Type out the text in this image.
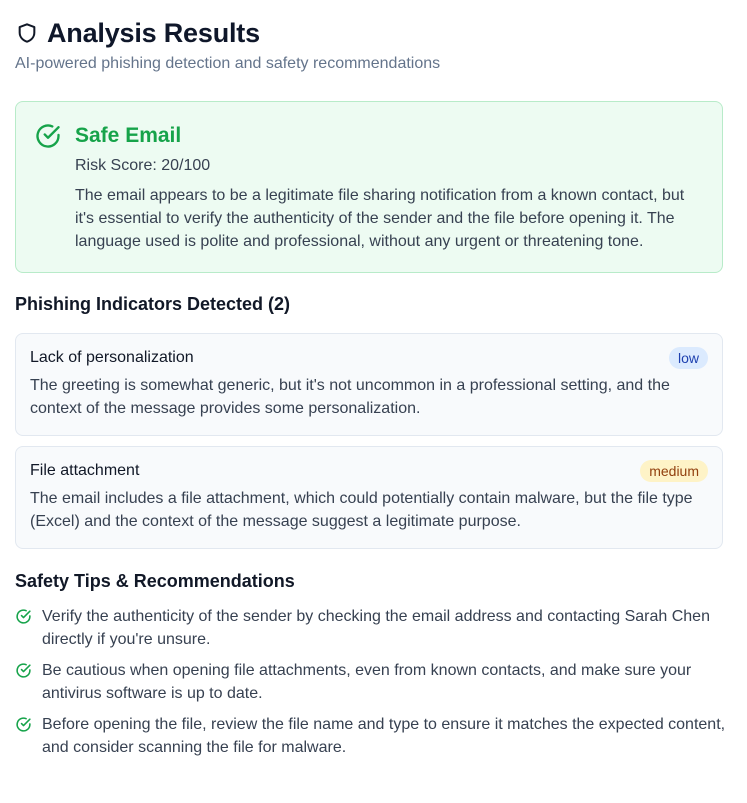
Analysis Results
AI-powered phishing detection and safety recommendations
Safe Email
Risk Score: 20/100
The email appears to be a legitimate file sharing notification from a known contact, but it's essential to verify the authenticity of the sender and the file before opening it. The language used is polite and professional, without any urgent or threatening tone.
Phishing Indicators Detected (2)
Lack of personalization	low
The greeting is somewhat generic, but it's not uncommon in a professional setting, and the context of the message provides some personalization.
File attachment	medium
The email includes a file attachment, which could potentially contain malware, but the file type (Excel) and the context of the message suggest a legitimate purpose.
Safety Tips & Recommendations
Verify the authenticity of the sender by checking the email address and contacting Sarah Chen directly if you're unsure.
Be cautious when opening file attachments, even from known contacts, and make sure your antivirus software is up to date.
Before opening the file, review the file name and type to ensure it matches the expected content, and consider scanning the file for malware.
